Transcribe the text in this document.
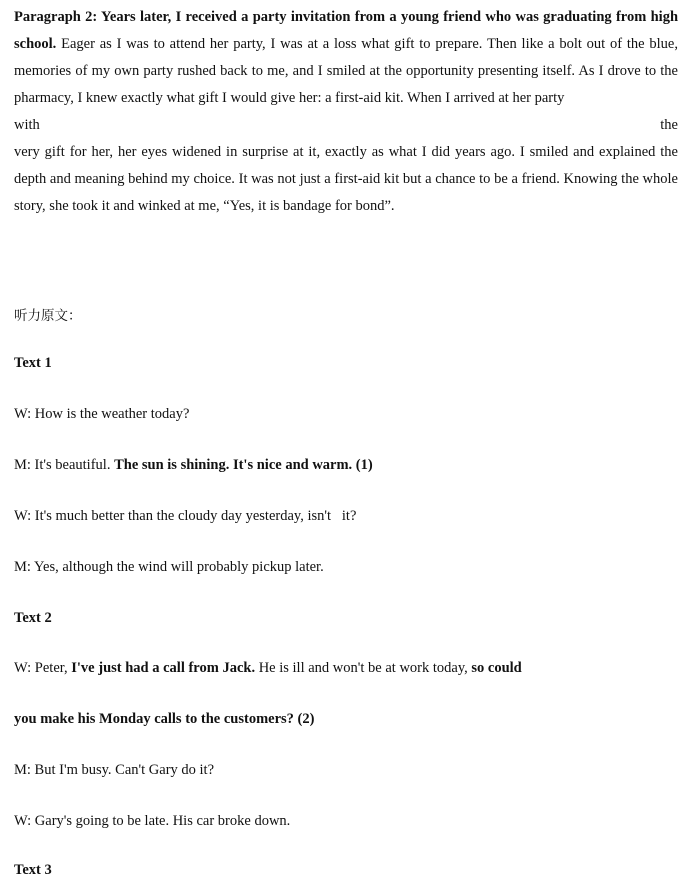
Paragraph 2: Years later, I received a party invitation from a young friend who was graduating from high school. Eager as I was to attend her party, I was at a loss what gift to prepare. Then like a bolt out of the blue, memories of my own party rushed back to me, and I smiled at the opportunity presenting itself. As I drove to the pharmacy, I knew exactly what gift I would give her: a first-aid kit. When I arrived at her party
with	the
very gift for her, her eyes widened in surprise at it, exactly as what I did years ago. I smiled and explained the depth and meaning behind my choice. It was not just a first-aid kit but a chance to be a friend. Knowing the whole story, she took it and winked at me, “Yes, it is bandage for bond”.
听力原文：
Text 1
W: How is the weather today?
M: It's beautiful. The sun is shining. It's nice and warm. (1)
W: It's much better than the cloudy day yesterday, isn't   it?
M: Yes, although the wind will probably pickup later.
Text 2
W: Peter, I've just had a call from Jack. He is ill and won't be at work today, so could
you make his Monday calls to the customers? (2)
M: But I'm busy. Can't Gary do it?
W: Gary's going to be late. His car broke down.
Text 3
